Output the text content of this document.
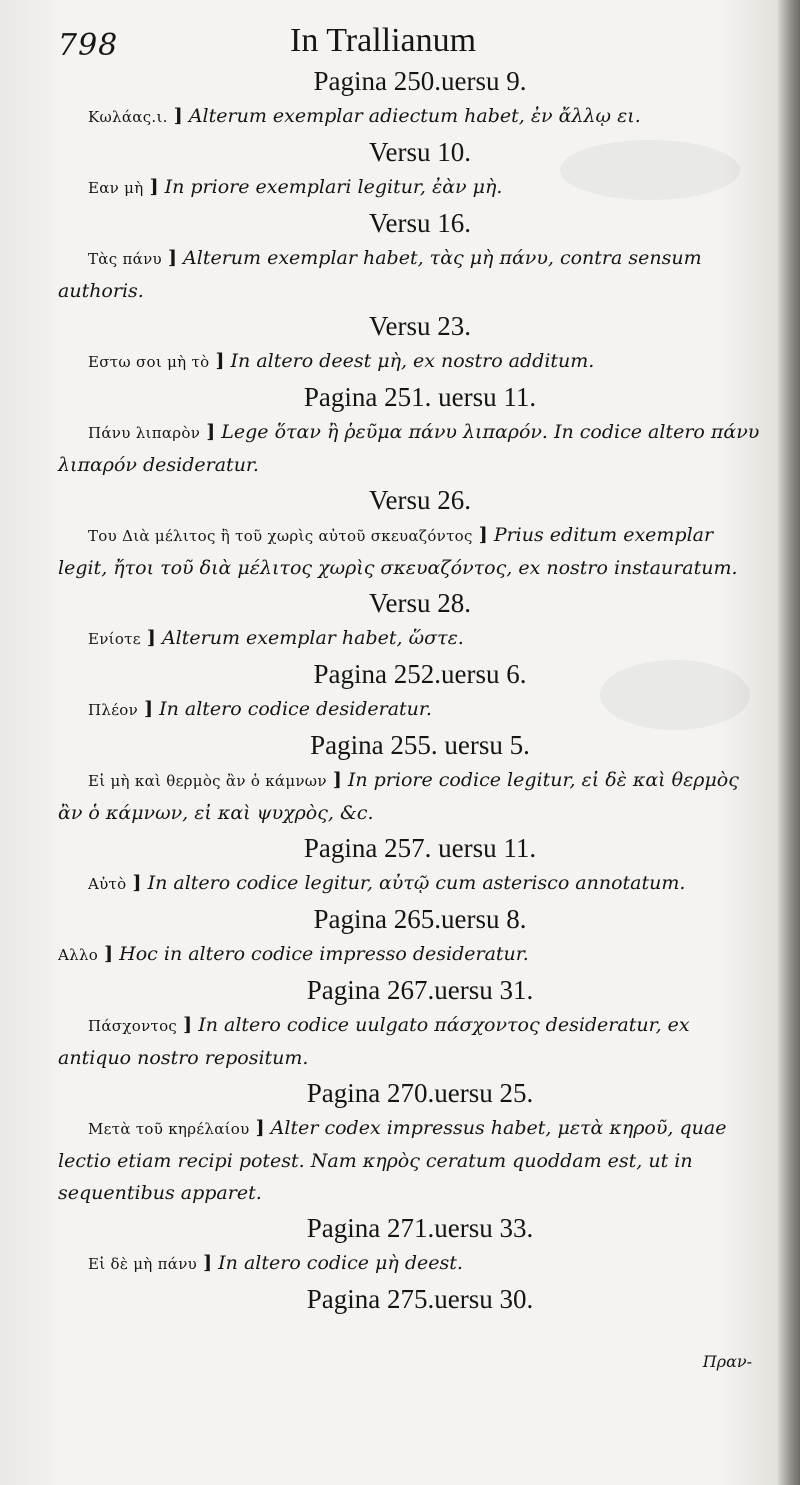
798	In Trallianum
Pagina 250.uersu 9.
Κωλάας.ι. ] Alterum exemplar adiectum habet, ἐν ἄλλῳ ει.
Versu 10.
Εαν μὴ ] In priore exemplari legitur, ἐὰν μὴ.
Versu 16.
Τὰς πάνυ ] Alterum exemplar habet, τὰς μὴ πάνυ, contra sensum authoris.
Versu 23.
Εστω σοι μὴ τὸ ] In altero deest μὴ, ex nostro additum.
Pagina 251. uersu 11.
Πάνυ λιπαρὸν ] Lege ὅταν ἢ ῥεῦμα πάνυ λιπαρόν. In codice altero πάνυ λιπαρόν desideratur.
Versu 26.
Του Διὰ μέλιτος ἢ τοῦ χωρὶς αὐτοῦ σκευαζόντος ] Prius editum exemplar legit, ἤτοι τοῦ διὰ μέλιτος χωρὶς σκευαζόντος, ex nostro instauratum.
Versu 28.
Ενίοτε ] Alterum exemplar habet, ὥστε.
Pagina 252.uersu 6.
Πλέον ] In altero codice desideratur.
Pagina 255. uersu 5.
Εἰ μὴ καὶ θερμὸς ἂν ὁ κάμνων ] In priore codice legitur, εἰ δὲ καὶ θερμὸς ἂν ὁ κάμνων, εἰ καὶ ψυχρὸς, &c.
Pagina 257. uersu 11.
Αὐτὸ ] In altero codice legitur, αὐτῷ cum asterisco annotatum.
Pagina 265.uersu 8.
Αλλο ] Hoc in altero codice impresso desideratur.
Pagina 267.uersu 31.
Πάσχοντος ] In altero codice uulgato πάσχοντος desideratur, ex antiquo nostro repositum.
Pagina 270.uersu 25.
Μετὰ τοῦ κηρέλαίου ] Alter codex impressus habet, μετὰ κηροῦ, quae lectio etiam recipi potest. Nam κηρὸς ceratum quoddam est, ut in sequentibus apparet.
Pagina 271.uersu 33.
Εἰ δὲ μὴ πάνυ ] In altero codice μὴ deest.
Pagina 275.uersu 30.
Πραν-
